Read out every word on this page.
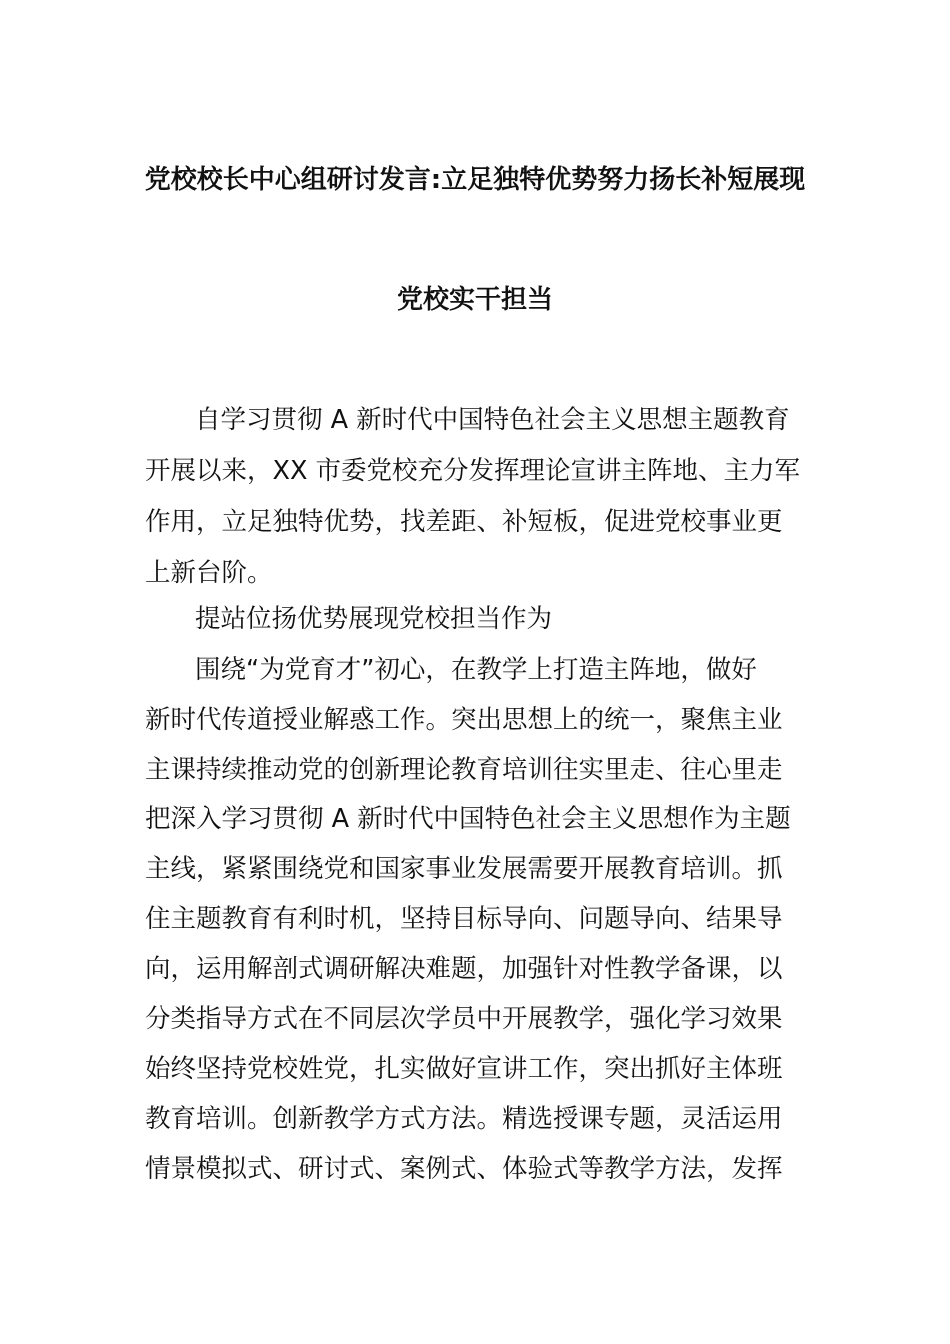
党校校长中心组研讨发言:立足独特优势努力扬长补短展现
党校实干担当
自学习贯彻 A 新时代中国特色社会主义思想主题教育
开展以来，XX 市委党校充分发挥理论宣讲主阵地、主力军
作用，立足独特优势，找差距、补短板，促进党校事业更
上新台阶。
提站位扬优势展现党校担当作为
围绕“为党育才”初心，在教学上打造主阵地，做好
新时代传道授业解惑工作。突出思想上的统一，聚焦主业
主课持续推动党的创新理论教育培训往实里走、往心里走
把深入学习贯彻 A 新时代中国特色社会主义思想作为主题
主线，紧紧围绕党和国家事业发展需要开展教育培训。抓
住主题教育有利时机，坚持目标导向、问题导向、结果导
向，运用解剖式调研解决难题，加强针对性教学备课，以
分类指导方式在不同层次学员中开展教学，强化学习效果
始终坚持党校姓党，扎实做好宣讲工作，突出抓好主体班
教育培训。创新教学方式方法。精选授课专题，灵活运用
情景模拟式、研讨式、案例式、体验式等教学方法，发挥
